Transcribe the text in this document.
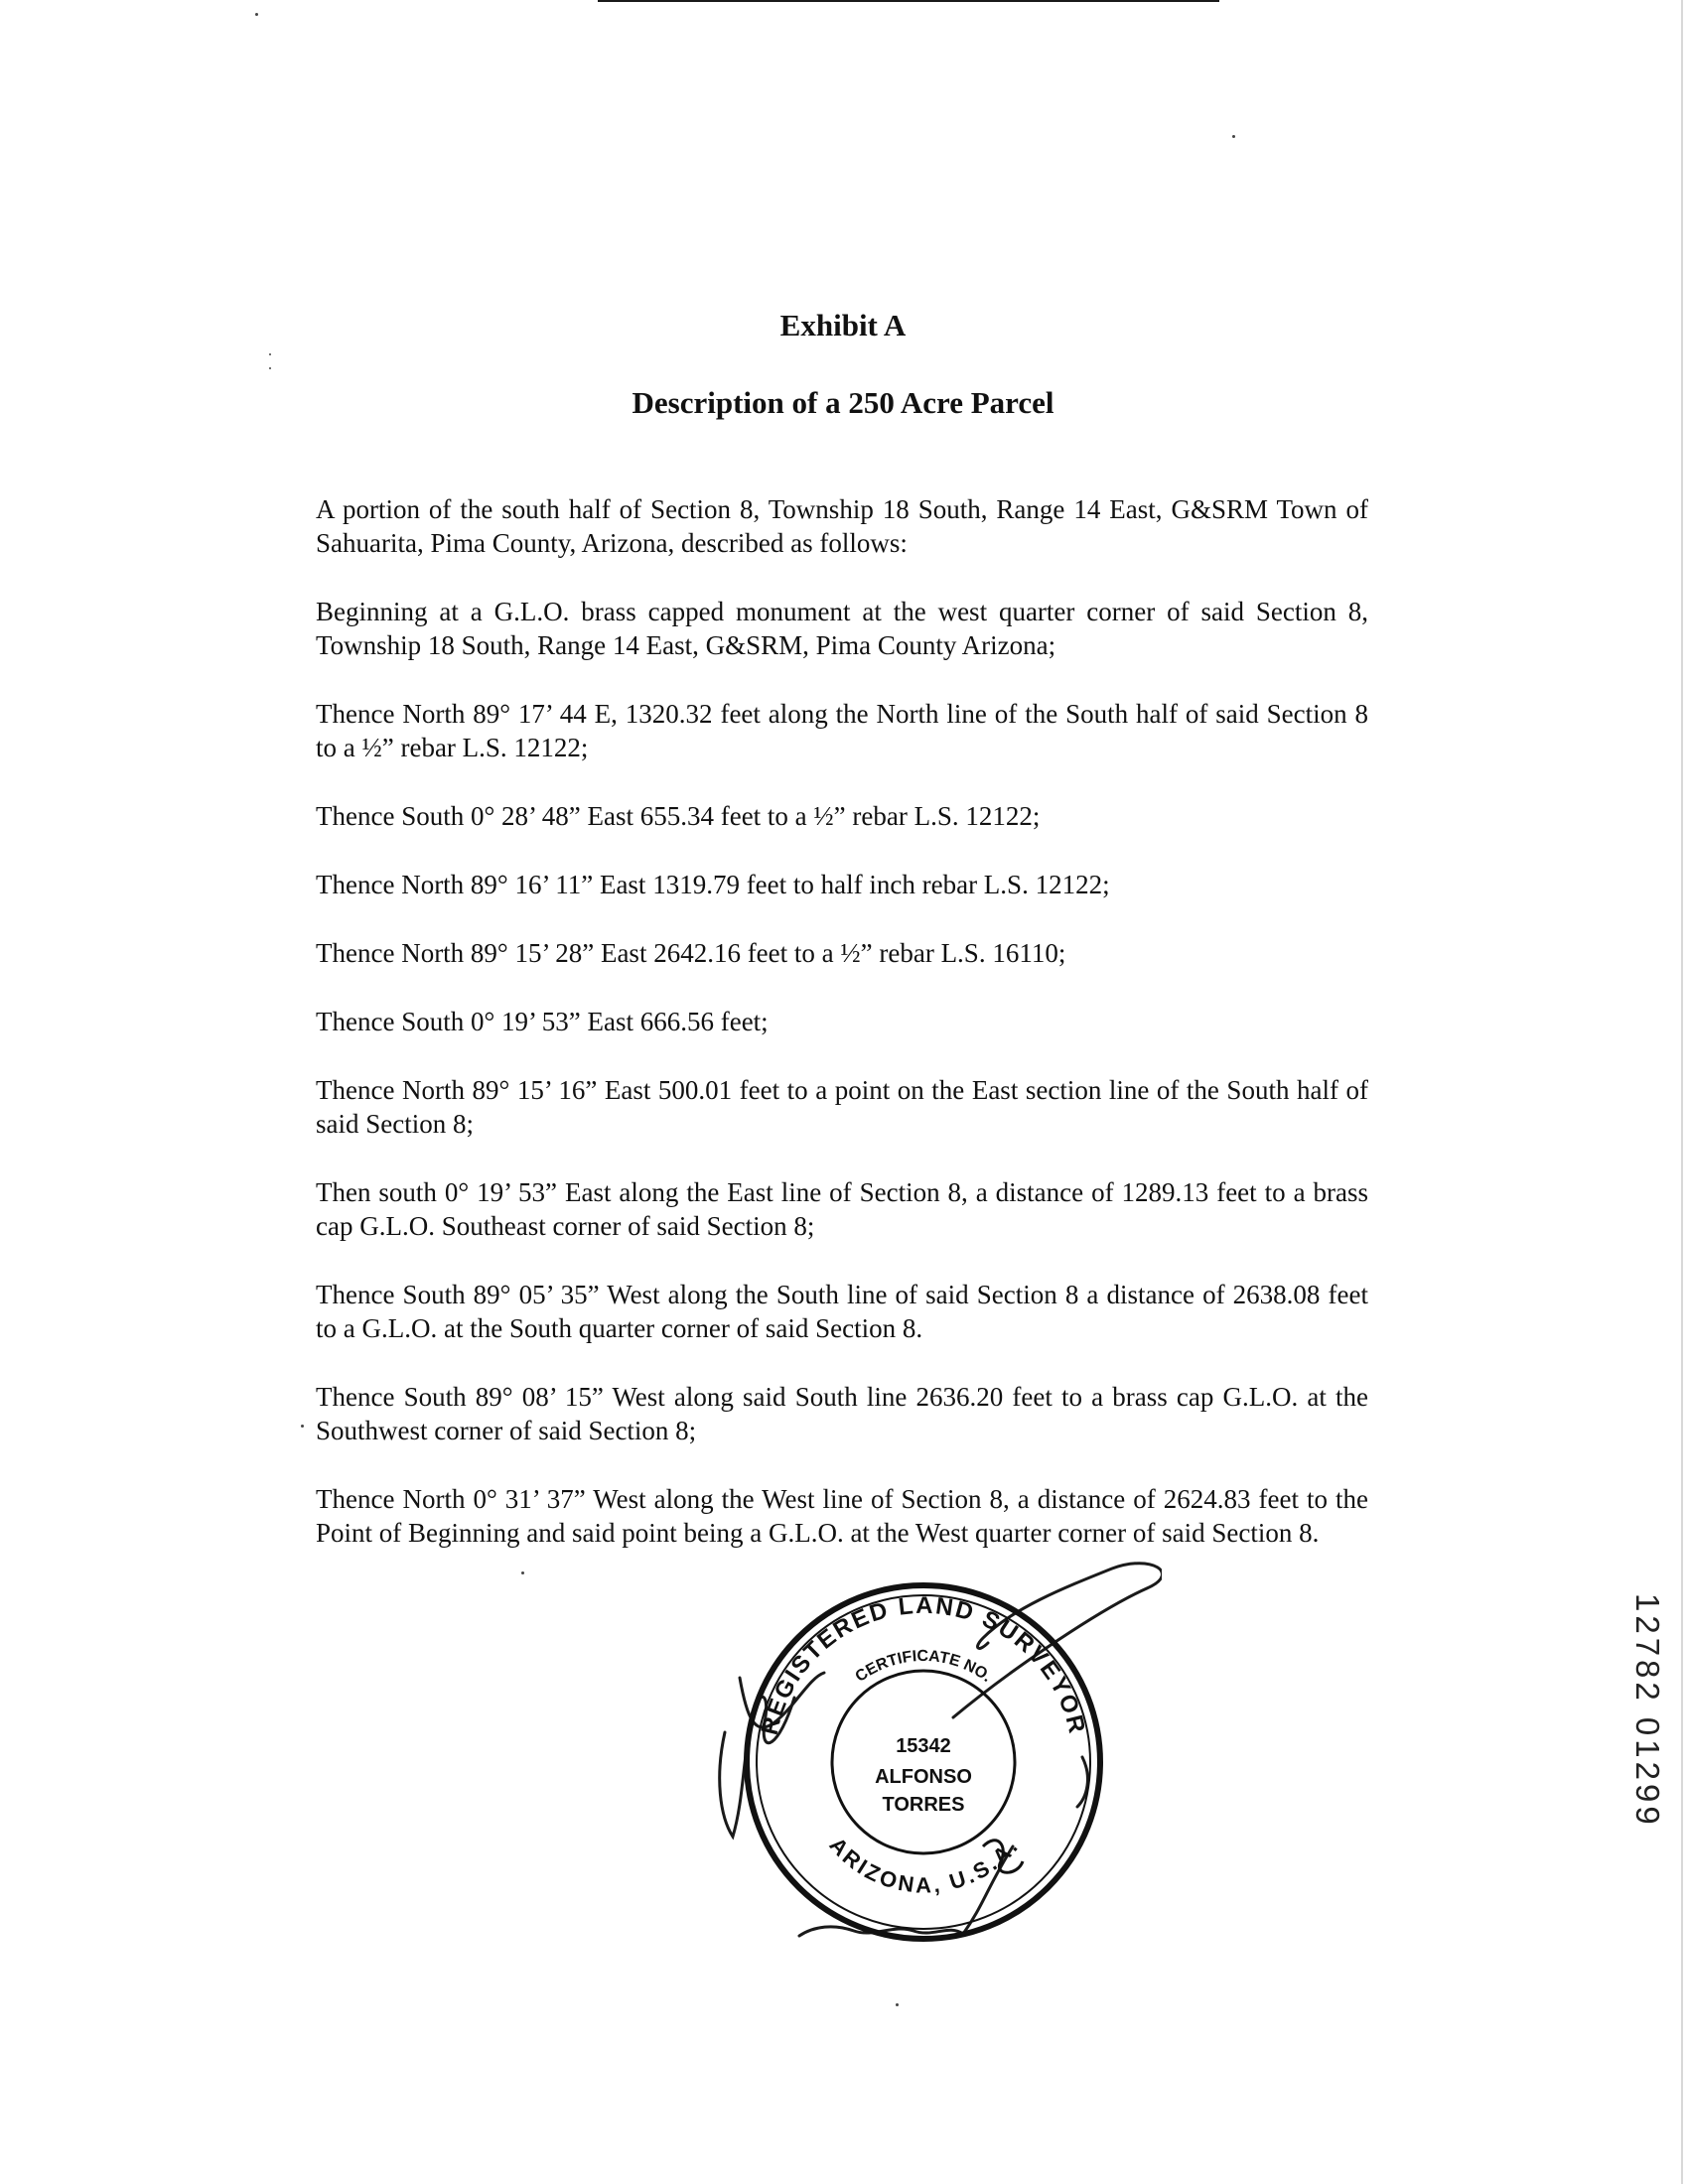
Exhibit A
Description of a 250 Acre Parcel

A portion of the south half of Section 8, Township 18 South, Range 14 East, G&SRM Town of Sahuarita, Pima County, Arizona, described as follows:

Beginning at a G.L.O. brass capped monument at the west quarter corner of said Section 8, Township 18 South, Range 14 East, G&SRM, Pima County Arizona;

Thence North 89° 17’ 44 E, 1320.32 feet along the North line of the South half of said Section 8 to a ½” rebar L.S. 12122;

Thence South 0° 28’ 48” East 655.34 feet to a ½” rebar L.S. 12122;

Thence North 89° 16’ 11” East 1319.79 feet to half inch rebar L.S. 12122;

Thence North 89° 15’ 28” East 2642.16 feet to a ½” rebar L.S. 16110;

Thence South 0° 19’ 53” East 666.56 feet;

Thence North 89° 15’ 16” East 500.01 feet to a point on the East section line of the South half of said Section 8;

Then south 0° 19’ 53” East along the East line of Section 8, a distance of 1289.13 feet to a brass cap G.L.O. Southeast corner of said Section 8;

Thence South 89° 05’ 35” West along the South line of said Section 8 a distance of 2638.08 feet to a G.L.O. at the South quarter corner of said Section 8.

Thence South 89° 08’ 15” West along said South line 2636.20 feet to a brass cap G.L.O. at the Southwest corner of said Section 8;

Thence North 0° 31’ 37” West along the West line of Section 8, a distance of 2624.83 feet to the Point of Beginning and said point being a G.L.O. at the West quarter corner of said Section 8.

REGISTERED LAND SURVEYOR
CERTIFICATE NO.
15342
ALFONSO
TORRES
ARIZONA, U.S.A.
12782 01299
